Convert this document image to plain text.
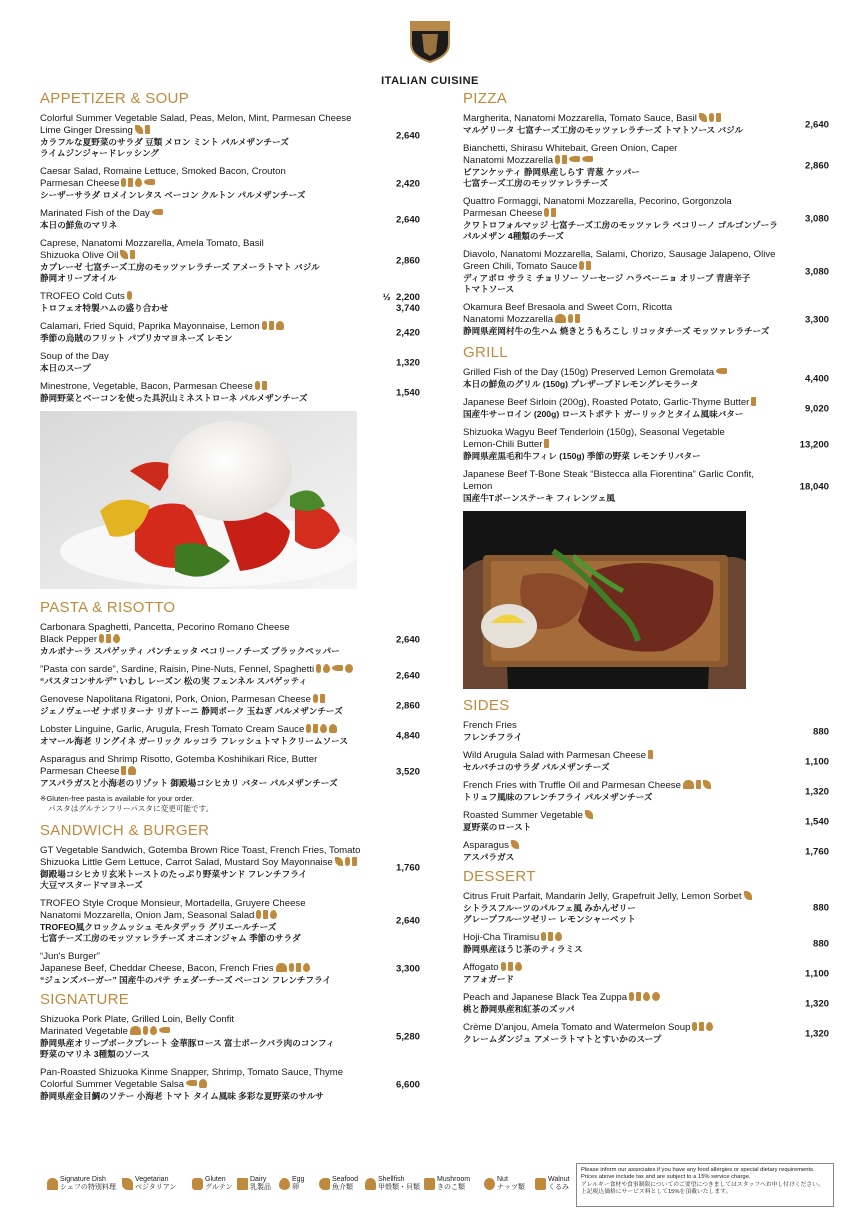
ITALIAN CUISINE
APPETIZER & SOUP
Colorful Summer Vegetable Salad, Peas, Melon, Mint, Parmesan Cheese
Lime Ginger Dressing
カラフルな夏野菜のサラダ 豆類 メロン ミント パルメザンチーズ
ライムジンジャードレッシング
2,640
Caesar Salad, Romaine Lettuce, Smoked Bacon, Crouton
Parmesan Cheese
シーザーサラダ ロメインレタス ベーコン クルトン パルメザンチーズ
2,420
Marinated Fish of the Day
本日の鮮魚のマリネ	2,640
Caprese, Nanatomi Mozzarella, Amela Tomato, Basil
Shizuoka Olive Oil
カプレーゼ 七富チーズ工房のモッツァレラチーズ アメーラトマト バジル
静岡オリーブオイル
2,860
TROFEO Cold Cuts
トロフェオ特製ハムの盛り合わせ
½  2,200
3,740
Calamari, Fried Squid, Paprika Mayonnaise, Lemon
季節の烏賊のフリット パプリカマヨネーズ レモン	2,420
Soup of the Day
本日のスープ	1,320
Minestrone, Vegetable, Bacon, Parmesan Cheese
静岡野菜とベーコンを使った具沢山ミネストローネ パルメザンチーズ	1,540
PASTA & RISOTTO
Carbonara Spaghetti, Pancetta, Pecorino Romano Cheese
Black Pepper
カルボナーラ スパゲッティ パンチェッタ ペコリーノチーズ ブラックペッパー
2,640
”Pasta con sarde”, Sardine, Raisin, Pine-Nuts, Fennel, Spaghetti
“パスタコンサルデ” いわし レーズン 松の実 フェンネル スパゲッティ	2,640
Genovese Napolitana Rigatoni, Pork, Onion, Parmesan Cheese
ジェノヴェーゼ ナポリターナ リガトーニ 静岡ポーク 玉ねぎ パルメザンチーズ	2,860
Lobster Linguine, Garlic, Arugula, Fresh Tomato Cream Sauce
オマール海老 リングイネ ガーリック ルッコラ フレッシュトマトクリームソース	4,840
Asparagus and Shrimp Risotto, Gotemba Koshihikari Rice, Butter
Parmesan Cheese
アスパラガスと小海老のリゾット 御殿場コシヒカリ バター パルメザンチーズ
3,520
※Gluten-free pasta is available for your order.
パスタはグルテンフリーパスタに変更可能です。
SANDWICH & BURGER
GT Vegetable Sandwich, Gotemba Brown Rice Toast, French Fries, Tomato
Shizuoka Little Gem Lettuce, Carrot Salad, Mustard Soy Mayonnaise
御殿場コシヒカリ玄米トーストのたっぷり野菜サンド フレンチフライ
大豆マスタードマヨネーズ
1,760
TROFEO Style Croque Monsieur, Mortadella, Gruyere Cheese
Nanatomi Mozzarella, Onion Jam, Seasonal Salad
TROFEO風クロックムッシュ モルタデッラ グリエールチーズ
七富チーズ工房のモッツァレラチーズ オニオンジャム 季節のサラダ
2,640
“Jun's Burger”
Japanese Beef, Cheddar Cheese, Bacon, French Fries
“ジュンズバーガー” 国産牛のパテ チェダーチーズ ベーコン フレンチフライ
3,300
SIGNATURE
Shizuoka Pork Plate, Grilled Loin, Belly Confit
Marinated Vegetable
静岡県産オリーブポークプレート 金華豚ロース 富士ポークバラ肉のコンフィ
野菜のマリネ 3種類のソース
5,280
Pan-Roasted Shizuoka Kinme Snapper, Shrimp, Tomato Sauce, Thyme
Colorful Summer Vegetable Salsa
静岡県産金目鯛のソテー 小海老 トマト タイム風味 多彩な夏野菜のサルサ
6,600
PIZZA
Margherita, Nanatomi Mozzarella, Tomato Sauce, Basil
マルゲリータ 七富チーズ工房のモッツァレラチーズ トマトソース バジル	2,640
Bianchetti, Shirasu Whitebait, Green Onion, Caper
Nanatomi Mozzarella
ビアンケッティ 静岡県産しらす 青葱 ケッパー
七富チーズ工房のモッツァレラチーズ
2,860
Quattro Formaggi, Nanatomi Mozzarella, Pecorino, Gorgonzola
Parmesan Cheese
クワトロフォルマッジ 七富チーズ工房のモッツァレラ ペコリーノ ゴルゴンゾーラ
パルメザン 4種類のチーズ
3,080
Diavolo, Nanatomi Mozzarella, Salami, Chorizo, Sausage Jalapeno, Olive
Green Chili, Tomato Sauce
ディアボロ サラミ チョリソー ソーセージ ハラペーニョ オリーブ 青唐辛子
トマトソース
3,080
Okamura Beef Bresaola and Sweet Corn, Ricotta
Nanatomi Mozzarella
静岡県産岡村牛の生ハム 焼きとうもろこし リコッタチーズ モッツァレラチーズ
3,300
GRILL
Grilled Fish of the Day (150g) Preserved Lemon Gremolata
本日の鮮魚のグリル (150g) プレザーブドレモングレモラータ	4,400
Japanese Beef Sirloin (200g), Roasted Potato, Garlic-Thyme Butter
国産牛サーロイン (200g) ローストポテト ガーリックとタイム風味バター	9,020
Shizuoka Wagyu Beef Tenderloin (150g), Seasonal Vegetable
Lemon-Chili Butter
静岡県産黒毛和牛フィレ (150g) 季節の野菜 レモンチリバター
13,200
Japanese Beef T-Bone Steak “Bistecca alla Fiorentina” Garlic Confit, Lemon
国産牛Tボーンステーキ フィレンツェ風
18,040
SIDES
French Fries
フレンチフライ	880
Wild Arugula Salad with Parmesan Cheese
セルバチコのサラダ パルメザンチーズ	1,100
French Fries with Truffle Oil and Parmesan Cheese
トリュフ風味のフレンチフライ パルメザンチーズ	1,320
Roasted Summer Vegetable
夏野菜のロースト	1,540
Asparagus
アスパラガス	1,760
DESSERT
Citrus Fruit Parfait, Mandarin Jelly, Grapefruit Jelly, Lemon Sorbet
シトラスフルーツのパルフェ風 みかんゼリー
グレープフルーツゼリー レモンシャーベット
880
Hoji-Cha Tiramisu
静岡県産ほうじ茶のティラミス	880
Affogato
アフォガード	1,100
Peach and Japanese Black Tea Zuppa
桃と静岡県産和紅茶のズッパ	1,320
Crème D'anjou, Amela Tomato and Watermelon Soup
クレームダンジュ アメーラトマトとすいかのスープ	1,320
Signature Dish
シェフの特別料理
Vegetarian
ベジタリアン
Gluten
グルテン
Dairy
乳製品
Egg
卵
Seafood
魚介類
Shellfish
甲殻類・貝類
Mushroom
きのこ類
Nut
ナッツ類
Walnut
くるみ
Please inform our associates if you have any food allergies or special dietary requirements.
Prices above include tax and are subject to a 15% service charge.
アレルギー食材や食事制限についてのご要望につきましてはスタッフへお申し付けください。
上記税込価格にサービス料として15%を頂戴いたします。
